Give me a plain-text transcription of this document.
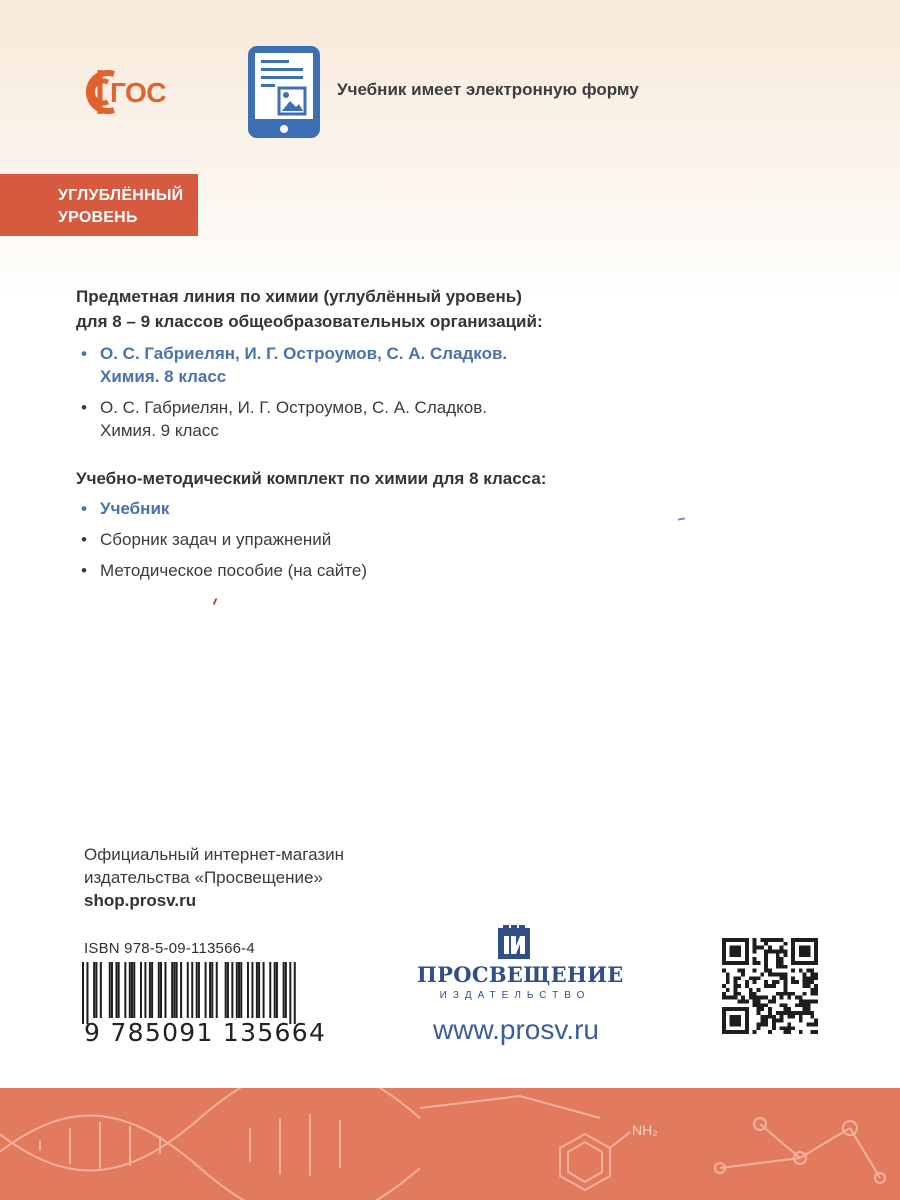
ГОС	Учебник имеет электронную форму
УГЛУБЛЁННЫЙ
УРОВЕНЬ

Предметная линия по химии (углублённый уровень)
для 8 – 9 классов общеобразовательных организаций:

• О. С. Габриелян, И. Г. Остроумов, С. А. Сладков.
Химия. 8 класс
• О. С. Габриелян, И. Г. Остроумов, С. А. Сладков.
Химия. 9 класс

Учебно-методический комплект по химии для 8 класса:

• Учебник
• Сборник задач и упражнений
• Методическое пособие (на сайте)
Официальный интернет-магазин
издательства «Просвещение»
shop.prosv.ru
ISBN 978-5-09-113566-4
9 785091 135664
ПРОСВЕЩЕНИЕ
ИЗДАТЕЛЬСТВО
www.prosv.ru
NH₂
